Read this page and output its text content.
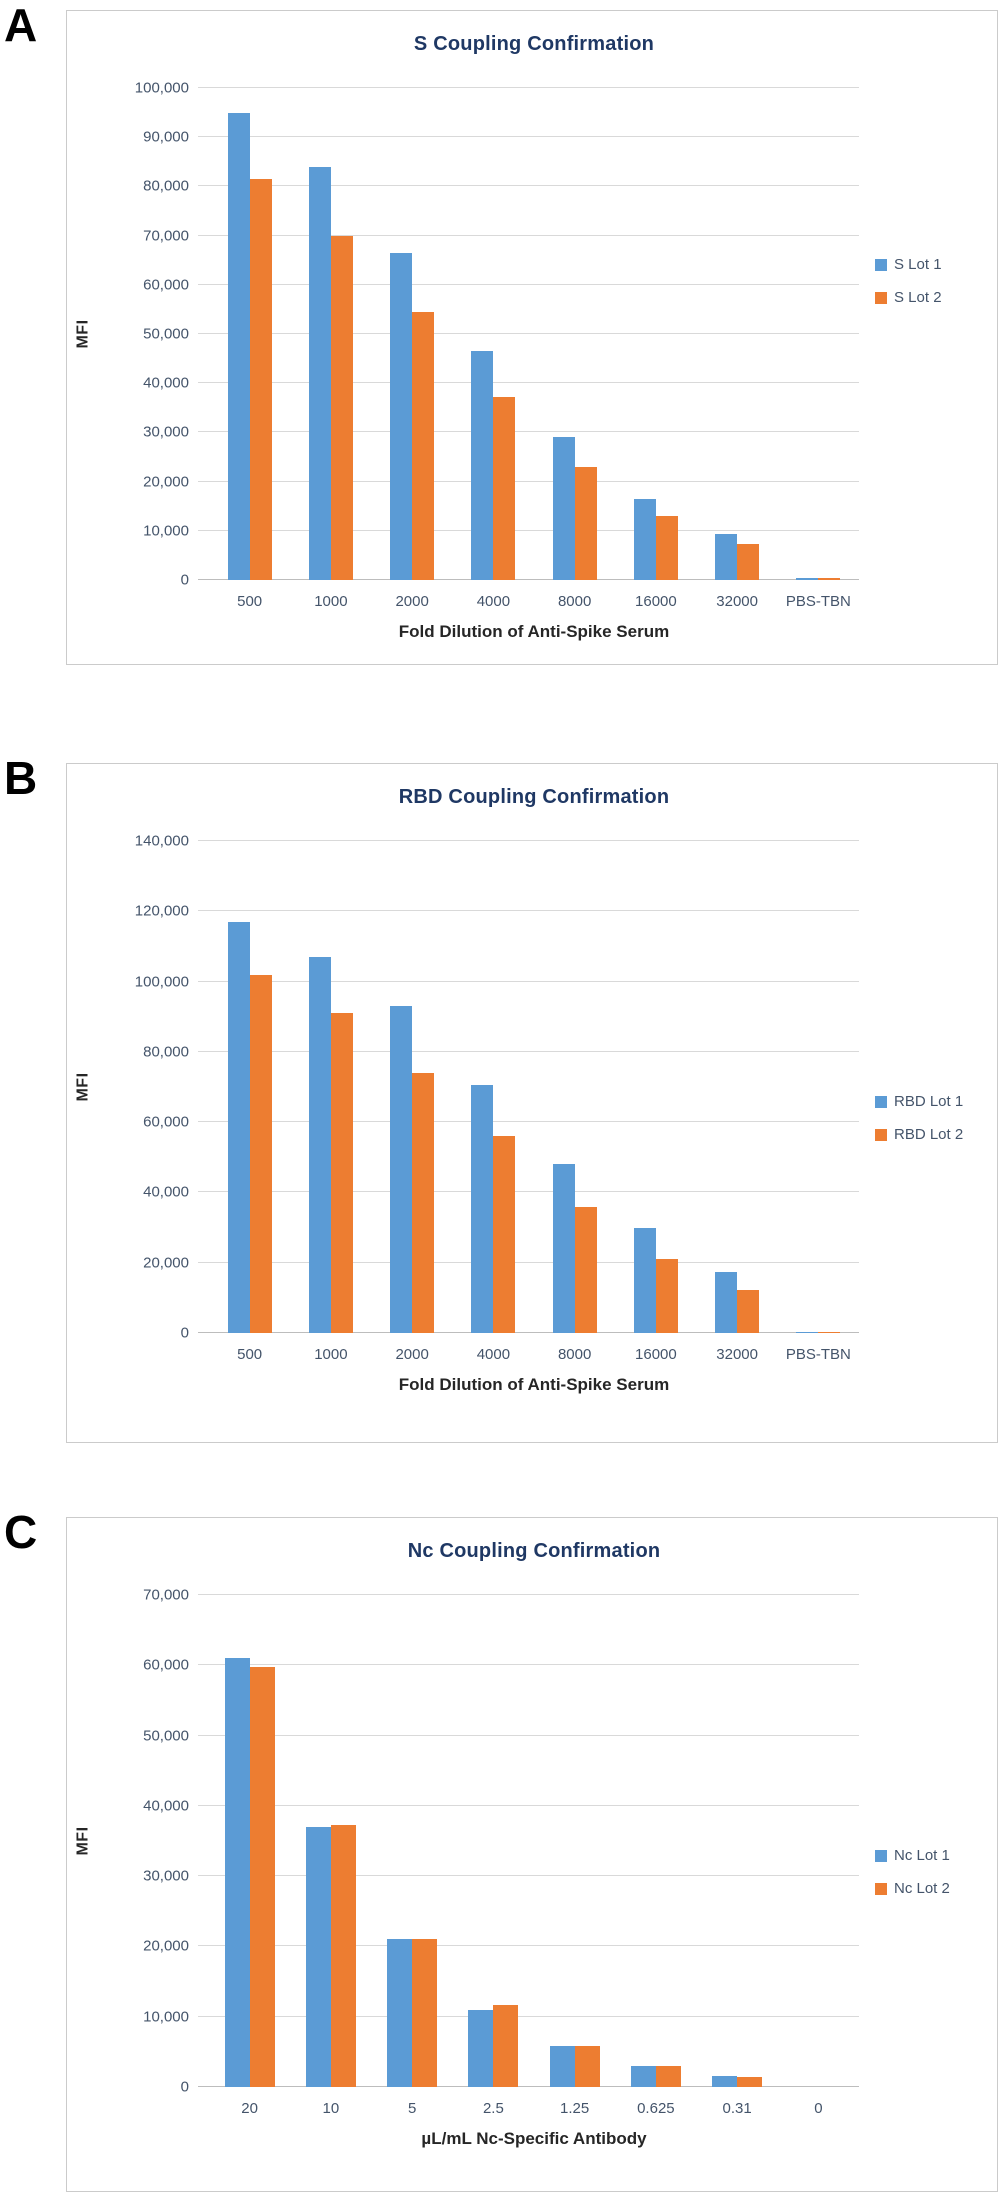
A	S Coupling Confirmation
MFI
0
10,000
20,000
30,000
40,000
50,000
60,000
70,000
80,000
90,000
100,000
S Lot 1
S Lot 2
500	1000	2000	4000	8000	16000	32000	PBS-TBN
Fold Dilution of Anti-Spike Serum
B	RBD Coupling Confirmation
MFI
0
20,000
40,000
60,000
80,000
100,000
120,000
140,000
RBD Lot 1
RBD Lot 2
500	1000	2000	4000	8000	16000	32000	PBS-TBN
Fold Dilution of Anti-Spike Serum
C	Nc Coupling Confirmation
MFI
0
10,000
20,000
30,000
40,000
50,000
60,000
70,000
Nc Lot 1
Nc Lot 2
20	10	5	2.5	1.25	0.625	0.31	0
µL/mL Nc-Specific Antibody
